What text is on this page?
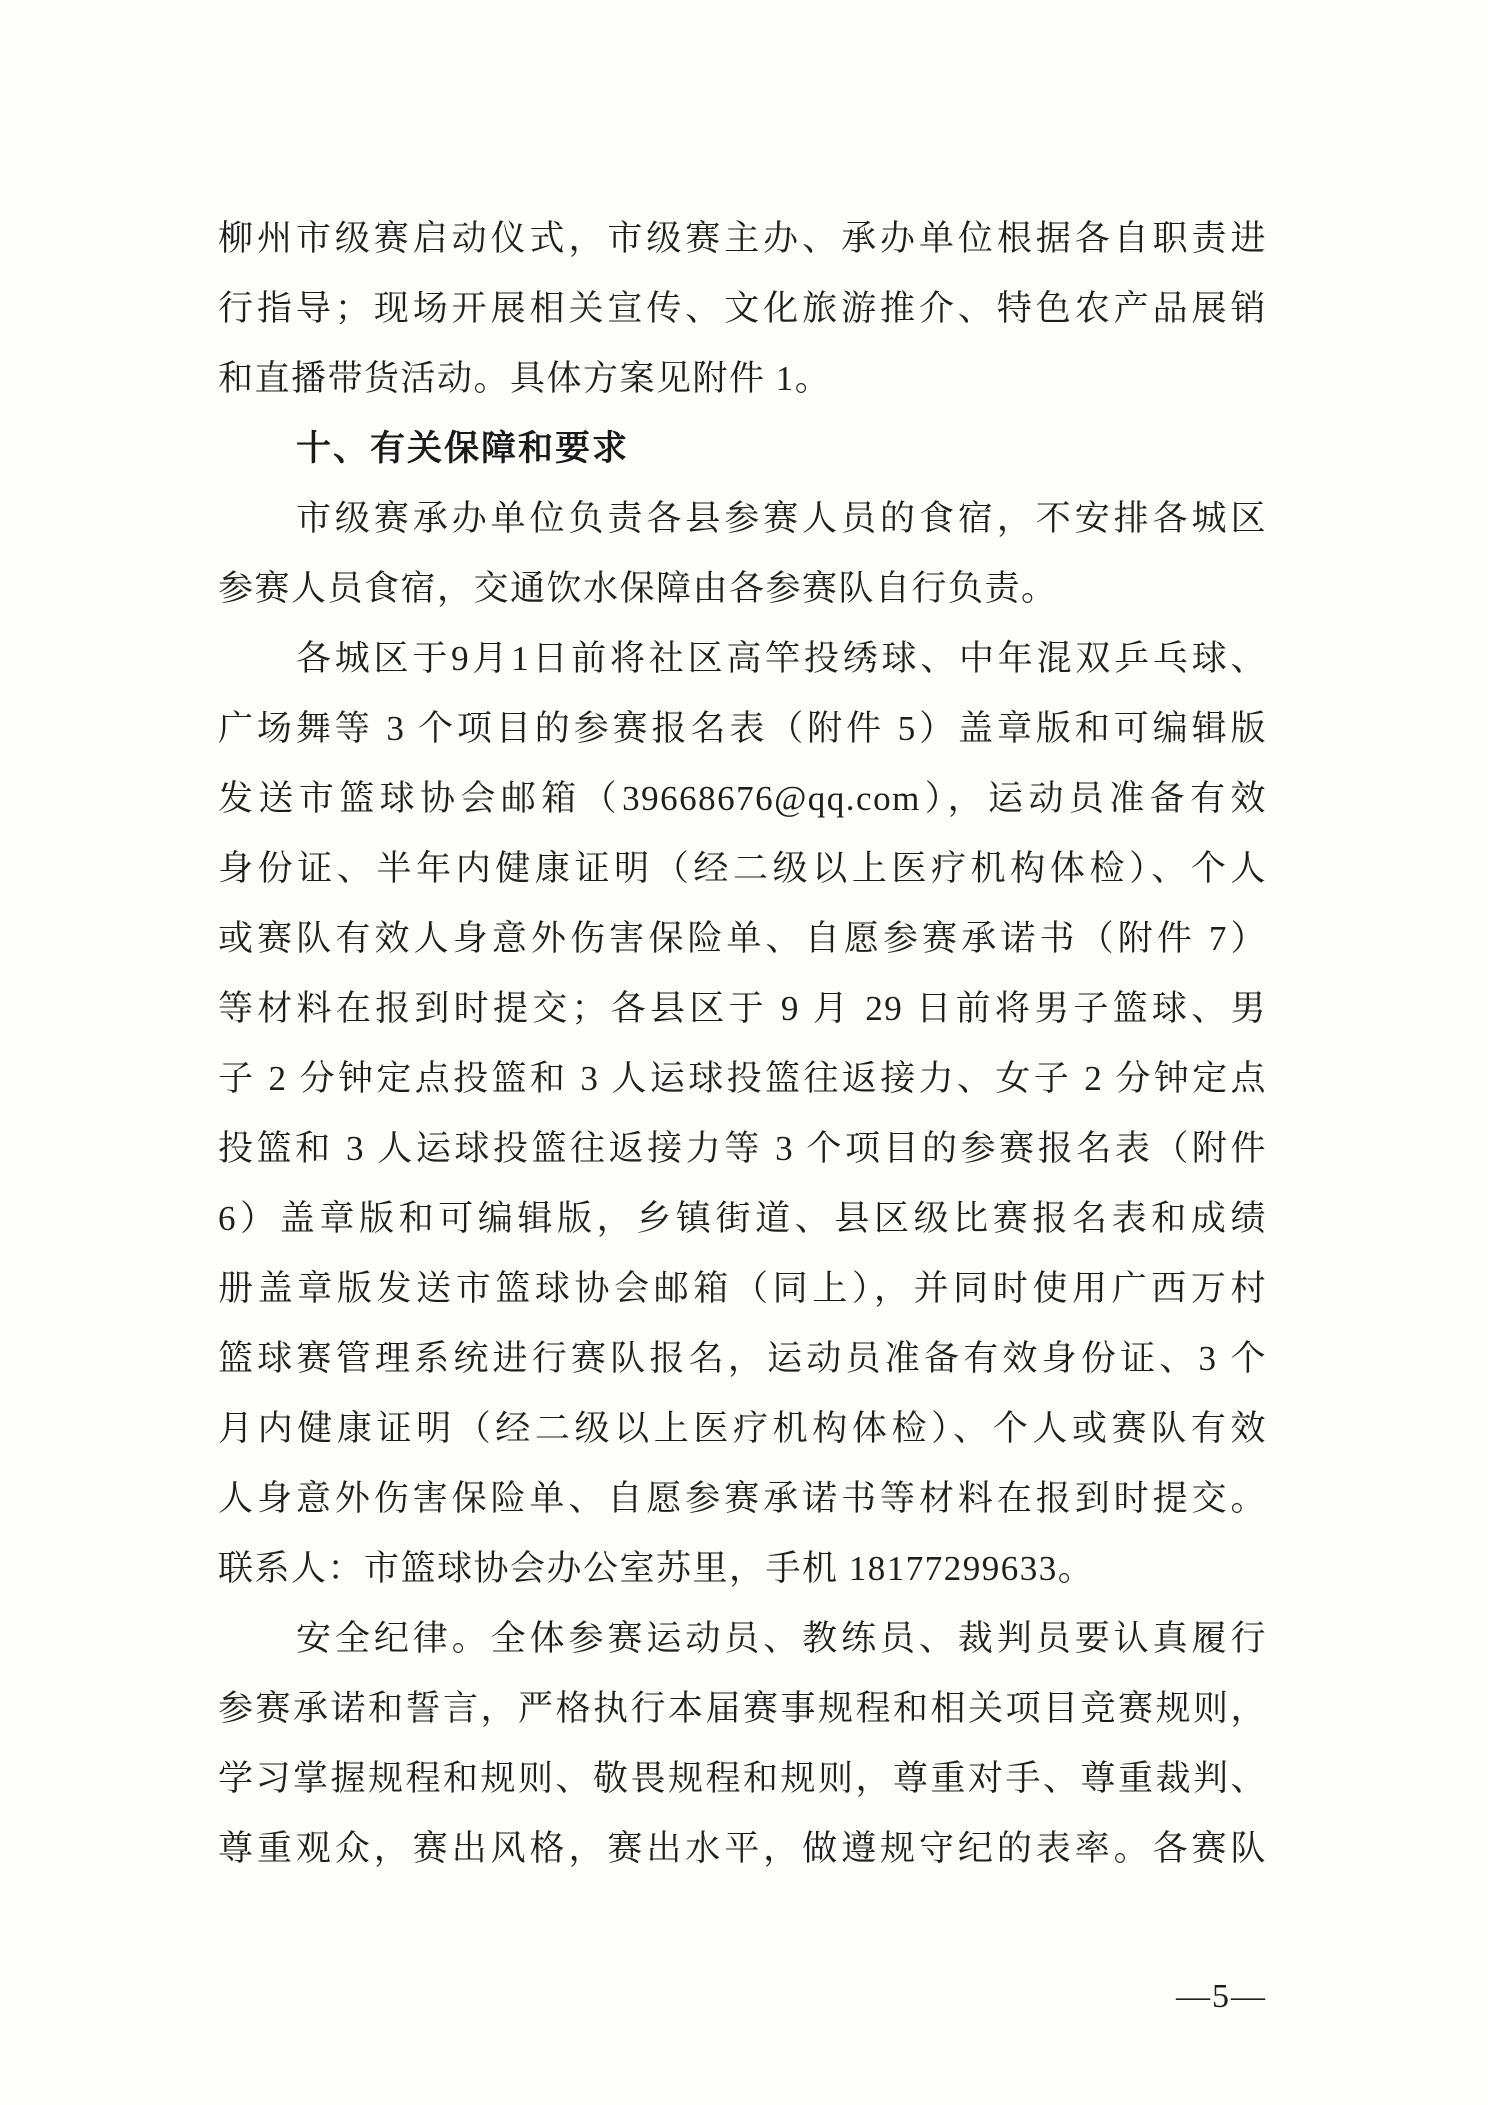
柳州市级赛启动仪式，市级赛主办、承办单位根据各自职责进
行指导；现场开展相关宣传、文化旅游推介、特色农产品展销
和直播带货活动。具体方案见附件 1。
十、有关保障和要求
市级赛承办单位负责各县参赛人员的食宿，不安排各城区
参赛人员食宿，交通饮水保障由各参赛队自行负责。
各城区于9月1日前将社区高竿投绣球、中年混双乒乓球、
广场舞等 3 个项目的参赛报名表（附件 5）盖章版和可编辑版
发送市篮球协会邮箱（39668676@qq.com），运动员准备有效
身份证、半年内健康证明（经二级以上医疗机构体检）、个人
或赛队有效人身意外伤害保险单、自愿参赛承诺书（附件 7）
等材料在报到时提交；各县区于 9 月 29 日前将男子篮球、男
子 2 分钟定点投篮和 3 人运球投篮往返接力、女子 2 分钟定点
投篮和 3 人运球投篮往返接力等 3 个项目的参赛报名表（附件
6）盖章版和可编辑版，乡镇街道、县区级比赛报名表和成绩
册盖章版发送市篮球协会邮箱（同上），并同时使用广西万村
篮球赛管理系统进行赛队报名，运动员准备有效身份证、3 个
月内健康证明（经二级以上医疗机构体检）、个人或赛队有效
人身意外伤害保险单、自愿参赛承诺书等材料在报到时提交。
联系人：市篮球协会办公室苏里，手机 18177299633。
安全纪律。全体参赛运动员、教练员、裁判员要认真履行
参赛承诺和誓言，严格执行本届赛事规程和相关项目竞赛规则，
学习掌握规程和规则、敬畏规程和规则，尊重对手、尊重裁判、
尊重观众，赛出风格，赛出水平，做遵规守纪的表率。各赛队
—5—
